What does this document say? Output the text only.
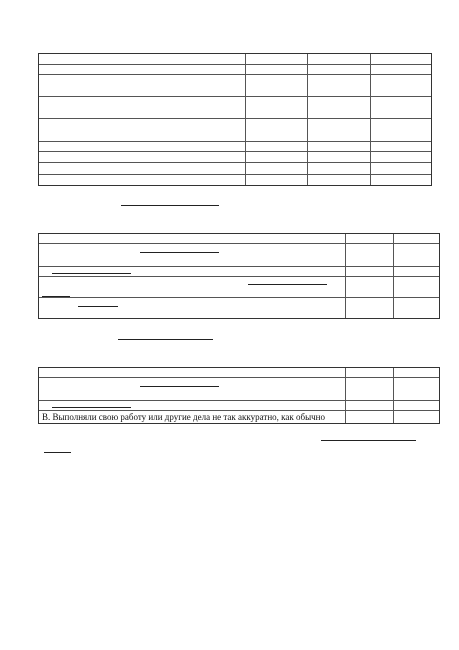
В. Выполняли свою работу или другие дела не так аккуратно, как обычно
